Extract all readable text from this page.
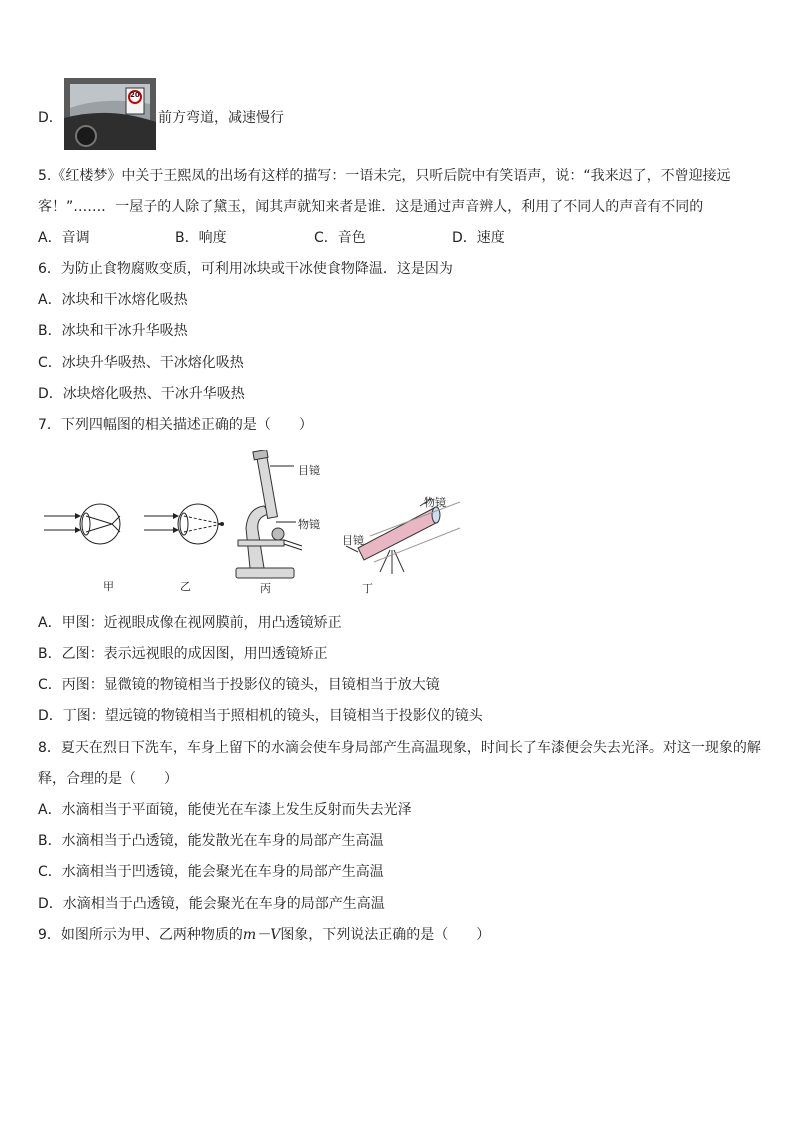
D．
20
前方弯道，减速慢行
5.《红楼梦》中关于王熙凤的出场有这样的描写：一语未完，只听后院中有笑语声，说：“我来迟了，不曾迎接远
客！”……．一屋子的人除了黛玉，闻其声就知来者是谁．这是通过声音辨人，利用了不同人的声音有不同的
A．音调	B．响度	C．音色	D．速度
6．为防止食物腐败变质，可利用冰块或干冰使食物降温．这是因为
A．冰块和干冰熔化吸热
B．冰块和干冰升华吸热
C．冰块升华吸热、干冰熔化吸热
D．冰块熔化吸热、干冰升华吸热
7．下列四幅图的相关描述正确的是（　　）
目镜
物镜
物镜
目镜
甲	乙	丙	丁
A．甲图：近视眼成像在视网膜前，用凸透镜矫正
B．乙图：表示远视眼的成因图，用凹透镜矫正
C．丙图：显微镜的物镜相当于投影仪的镜头，目镜相当于放大镜
D．丁图：望远镜的物镜相当于照相机的镜头，目镜相当于投影仪的镜头
8．夏天在烈日下洗车，车身上留下的水滴会使车身局部产生高温现象，时间长了车漆便会失去光泽。对这一现象的解
释，合理的是（　　）
A．水滴相当于平面镜，能使光在车漆上发生反射而失去光泽
B．水滴相当于凸透镜，能发散光在车身的局部产生高温
C．水滴相当于凹透镜，能会聚光在车身的局部产生高温
D．水滴相当于凸透镜，能会聚光在车身的局部产生高温
9．如图所示为甲、乙两种物质的m－V图象，下列说法正确的是（　　）
